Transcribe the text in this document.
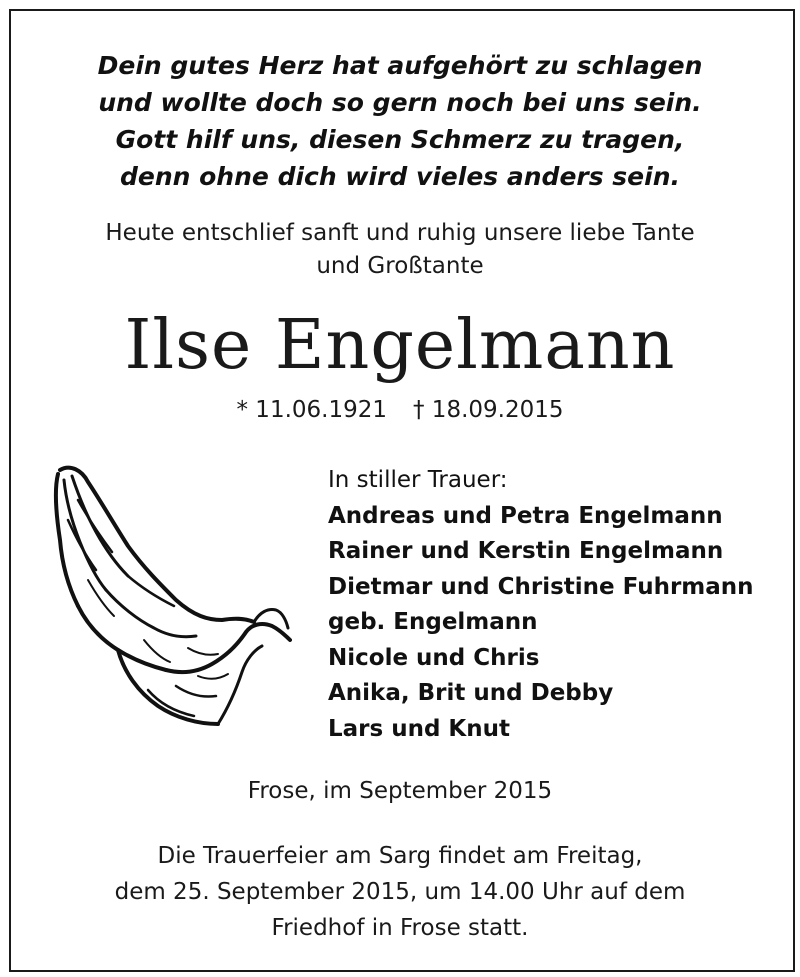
Dein gutes Herz hat aufgehört zu schlagen
und wollte doch so gern noch bei uns sein.
Gott hilf uns, diesen Schmerz zu tragen,
denn ohne dich wird vieles anders sein.
Heute entschlief sanft und ruhig unsere liebe Tante
und Großtante
Ilse Engelmann
* 11.06.1921 † 18.09.2015
In stiller Trauer:
Andreas und Petra Engelmann
Rainer und Kerstin Engelmann
Dietmar und Christine Fuhrmann
geb. Engelmann
Nicole und Chris
Anika, Brit und Debby
Lars und Knut
Frose, im September 2015
Die Trauerfeier am Sarg findet am Freitag,
dem 25. September 2015, um 14.00 Uhr auf dem
Friedhof in Frose statt.
